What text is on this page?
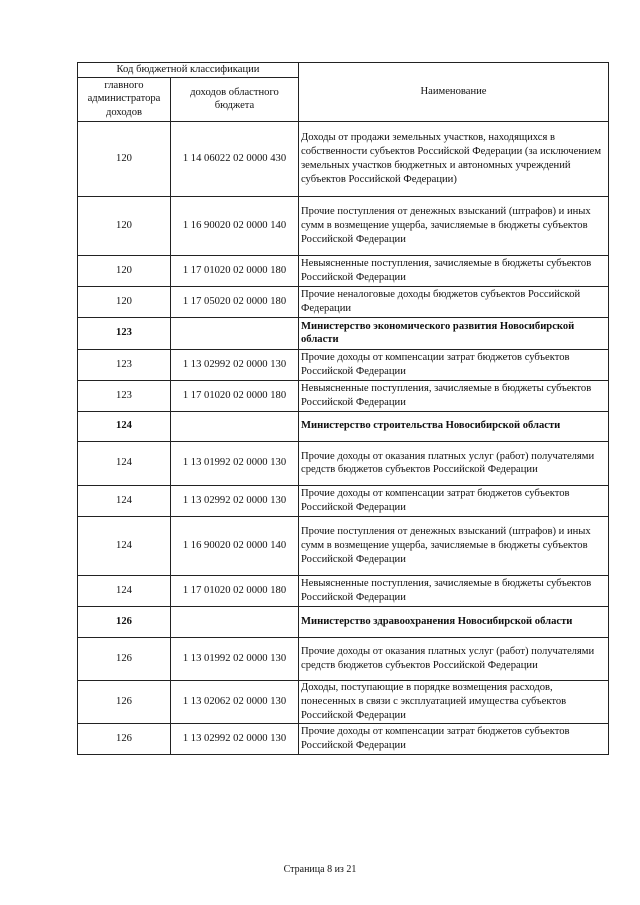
Код бюджетной классификации		Наименование
главного администратора доходов	доходов областного бюджета	
120	1 14 06022 02 0000 430	Доходы от продажи земельных участков, находящихся в собственности субъектов Российской Федерации (за исключением земельных участков бюджетных и автономных учреждений субъектов Российской Федерации)
120	1 16 90020 02 0000 140	Прочие поступления от денежных взысканий (штрафов) и иных сумм в возмещение ущерба, зачисляемые в бюджеты субъектов Российской Федерации
120	1 17 01020 02 0000 180	Невыясненные поступления, зачисляемые в бюджеты субъектов Российской Федерации
120	1 17 05020 02 0000 180	Прочие неналоговые доходы бюджетов субъектов Российской Федерации
123		Министерство экономического развития Новосибирской области
123	1 13 02992 02 0000 130	Прочие доходы от компенсации затрат бюджетов субъектов Российской Федерации
123	1 17 01020 02 0000 180	Невыясненные поступления, зачисляемые в бюджеты субъектов Российской Федерации
124		Министерство строительства Новосибирской области
124	1 13 01992 02 0000 130	Прочие доходы от оказания платных услуг (работ) получателями средств бюджетов субъектов Российской Федерации
124	1 13 02992 02 0000 130	Прочие доходы от компенсации затрат бюджетов субъектов Российской Федерации
124	1 16 90020 02 0000 140	Прочие поступления от денежных взысканий (штрафов) и иных сумм в возмещение ущерба, зачисляемые в бюджеты субъектов Российской Федерации
124	1 17 01020 02 0000 180	Невыясненные поступления, зачисляемые в бюджеты субъектов Российской Федерации
126		Министерство здравоохранения Новосибирской области
126	1 13 01992 02 0000 130	Прочие доходы от оказания платных услуг (работ) получателями средств бюджетов субъектов Российской Федерации
126	1 13 02062 02 0000 130	Доходы, поступающие в порядке возмещения расходов, понесенных в связи с эксплуатацией имущества субъектов Российской Федерации
126	1 13 02992 02 0000 130	Прочие доходы от компенсации затрат бюджетов субъектов Российской Федерации
Страница 8 из 21
